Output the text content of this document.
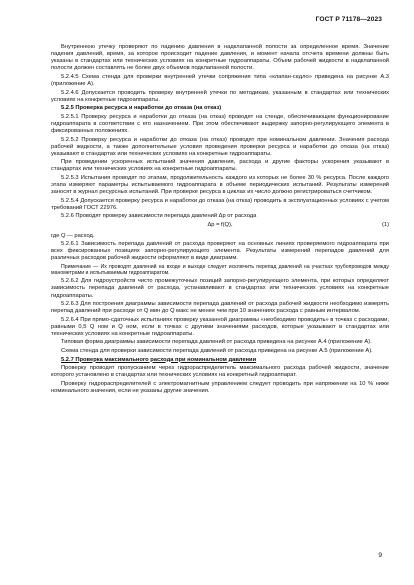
ГОСТ Р 71178—2023

Внутреннюю утечку проверяют по падению давления в надклапанной полости за определенное время. Значение падения давлений, время, за которое происходит падение давления, и момент начала отсчета времени должны быть указаны в стандартах или технических условиях на конкретные гидроаппараты. Объем рабочей жидкости в надклапанной полости должен составлять не более двух объемов подклапанной полости.

5.2.4.5 Схема стенда для проверки внутренней утечки сопряжения типа «клапан-седло» приведена на рисунке А.3 (приложение А).

5.2.4.6 Допускается проводить проверку внутренней утечки по методикам, указанным в стандартах или технических условиях на конкретные гидроаппараты.

5.2.5 Проверка ресурса и наработки до отказа (на отказ)

5.2.5.1 Проверку ресурса и наработки до отказа (на отказ) проводят на стенде, обеспечивающем функционирование гидроаппарата в соответствии с его назначением. При этом обеспечивают выдержку запорно-регулирующего элемента в фиксированных положениях.

5.2.5.2 Проверку ресурса и наработки до отказа (на отказ) проводят при номинальном давлении. Значения расхода рабочей жидкости, а также дополнительные условия проведения проверки ресурса и наработки до отказа (на отказ) указывают в стандартах или технических условиях на конкретные гидроаппараты.

При проведении ускоренных испытаний значения давления, расхода и другие факторы ускорения указывают в стандартах или технических условиях на конкретные гидроаппараты.

5.2.5.3 Испытания проводят по этапам, продолжительность каждого из которых не более 30 % ресурса. После каждого этапа измеряют параметры испытываемого гидроаппарата в объеме периодических испытаний. Результаты измерений заносят в журнал ресурсных испытаний. При проверке ресурса в циклах их число должно регистрироваться счетчиком.

5.2.5.4 Допускается проверку ресурса и наработки до отказа (на отказ) проводить в эксплуатационных условиях с учетом требований ГОСТ 22976.

5.2.6 Проводят проверку зависимости перепада давлений Δp от расхода

Δp = f(Q),	(1)

где Q — расход.

5.2.6.1 Зависимость перепада давлений от расхода проверяют на основных линиях проверяемого гидроаппарата при всех фиксированных позициях запорно-регулирующего элемента. Результаты измерений перепадов давлений для различных расходов рабочей жидкости оформляют в виде диаграмм.

Примечание — Их проводят давлений на входе и выходе следует исключить перепад давлений на участках трубопроводов между манометрами и испытываемым гидроаппаратом.

5.2.6.2 Для гидроустройств чисто промежуточных позиций запорно-регулирующего элемента, при которых определяют зависимость перепада давлений от расхода, устанавливают в стандартах или технических условиях на конкретные гидроаппараты.

5.2.6.3 Для построения диаграммы зависимости перепада давлений от расхода рабочей жидкости необходимо измерять перепад давлений при расходе от Q мин до Q макс не менее чем при 10 значениях расхода с равным интервалом.

5.2.6.4 При прямо-сдаточных испытаниях проверку указанной диаграммы «необходимо проводить» в точках с расходами, равными 0,5 Q ном и Q ном, если в точках с другими значениями расходов, которые указывают в стандартах или технических условиях на конкретные гидроаппараты.

Типовая форма диаграммы зависимости перепада давлений от расхода приведена на рисунке А.4 (приложение А).

Схема стенда для проверки зависимости перепада давлений от расхода приведена на рисунке А.5 (приложение А).

5.2.7 Проверка максимального расхода при номинальном давлении

Проверку проводят пропусканием через гидрораспределитель максимального расхода рабочей жидкости, значение которого установлено в стандартах или технических условиях на конкретный гидроаппарат.

Проверку гидрораспределителей с электромагнитным управлением следует проводить при напряжении на 10 % ниже номинального значения, если не указаны другие значения.

9
